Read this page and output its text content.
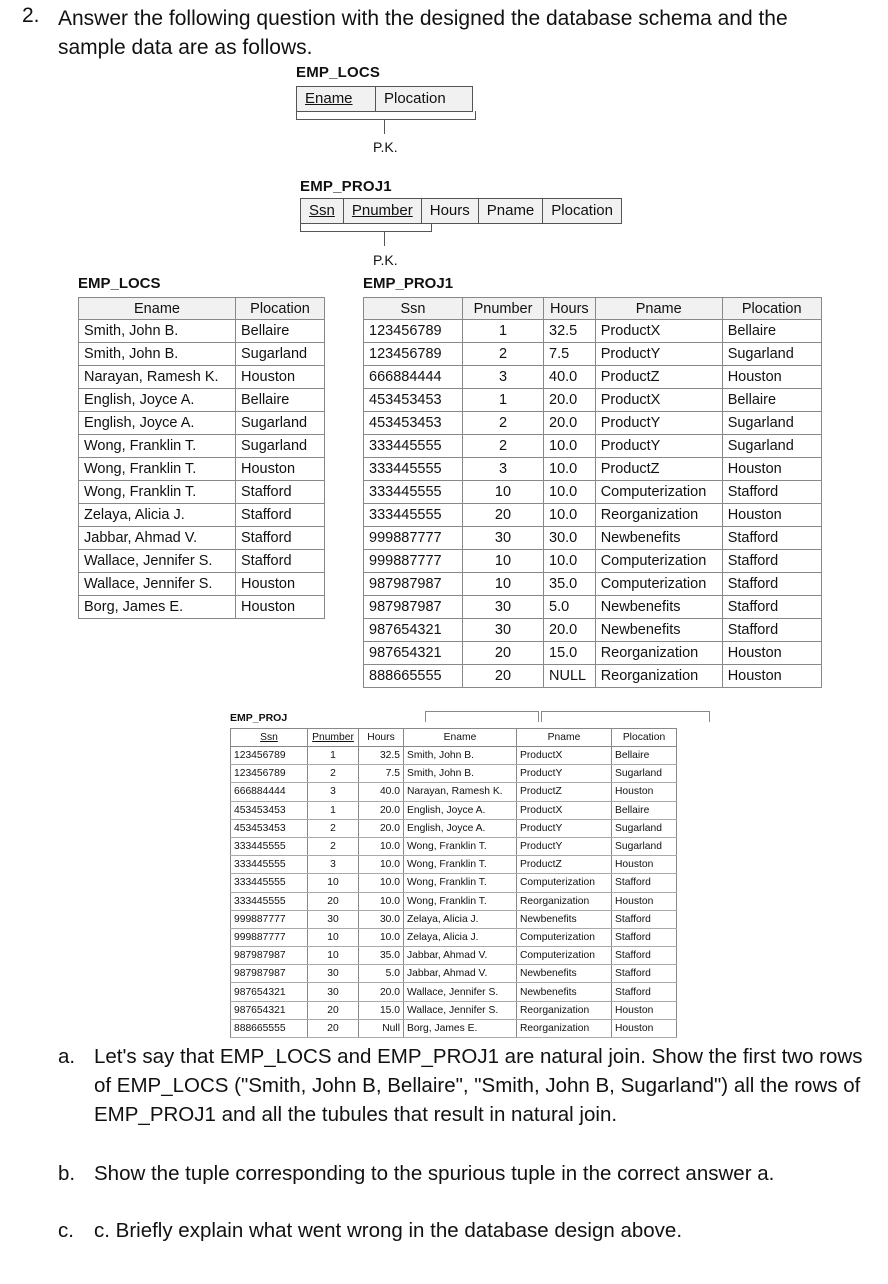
2. Answer the following question with the designed the database schema and the sample data are as follows.
EMP_LOCS
Ename	Plocation
P.K.
EMP_PROJ1
Ssn	Pnumber	Hours	Pname	Plocation
P.K.
EMP_LOCS
Ename	Plocation
Smith, John B.	Bellaire
Smith, John B.	Sugarland
Narayan, Ramesh K.	Houston
English, Joyce A.	Bellaire
English, Joyce A.	Sugarland
Wong, Franklin T.	Sugarland
Wong, Franklin T.	Houston
Wong, Franklin T.	Stafford
Zelaya, Alicia J.	Stafford
Jabbar, Ahmad V.	Stafford
Wallace, Jennifer S.	Stafford
Wallace, Jennifer S.	Houston
Borg, James E.	Houston
EMP_PROJ1
Ssn	Pnumber	Hours	Pname	Plocation
123456789	1	32.5	ProductX	Bellaire
123456789	2	7.5	ProductY	Sugarland
666884444	3	40.0	ProductZ	Houston
453453453	1	20.0	ProductX	Bellaire
453453453	2	20.0	ProductY	Sugarland
333445555	2	10.0	ProductY	Sugarland
333445555	3	10.0	ProductZ	Houston
333445555	10	10.0	Computerization	Stafford
333445555	20	10.0	Reorganization	Houston
999887777	30	30.0	Newbenefits	Stafford
999887777	10	10.0	Computerization	Stafford
987987987	10	35.0	Computerization	Stafford
987987987	30	5.0	Newbenefits	Stafford
987654321	30	20.0	Newbenefits	Stafford
987654321	20	15.0	Reorganization	Houston
888665555	20	NULL	Reorganization	Houston
EMP_PROJ
Ssn	Pnumber	Hours	Ename	Pname	Plocation
123456789	1	32.5	Smith, John B.	ProductX	Bellaire
123456789	2	7.5	Smith, John B.	ProductY	Sugarland
666884444	3	40.0	Narayan, Ramesh K.	ProductZ	Houston
453453453	1	20.0	English, Joyce A.	ProductX	Bellaire
453453453	2	20.0	English, Joyce A.	ProductY	Sugarland
333445555	2	10.0	Wong, Franklin T.	ProductY	Sugarland
333445555	3	10.0	Wong, Franklin T.	ProductZ	Houston
333445555	10	10.0	Wong, Franklin T.	Computerization	Stafford
333445555	20	10.0	Wong, Franklin T.	Reorganization	Houston
999887777	30	30.0	Zelaya, Alicia J.	Newbenefits	Stafford
999887777	10	10.0	Zelaya, Alicia J.	Computerization	Stafford
987987987	10	35.0	Jabbar, Ahmad V.	Computerization	Stafford
987987987	30	5.0	Jabbar, Ahmad V.	Newbenefits	Stafford
987654321	30	20.0	Wallace, Jennifer S.	Newbenefits	Stafford
987654321	20	15.0	Wallace, Jennifer S.	Reorganization	Houston
888665555	20	Null	Borg, James E.	Reorganization	Houston
a. Let's say that EMP_LOCS and EMP_PROJ1 are natural join. Show the first two rows of EMP_LOCS ("Smith, John B, Bellaire", "Smith, John B, Sugarland") all the rows of EMP_PROJ1 and all the tubules that result in natural join.
b. Show the tuple corresponding to the spurious tuple in the correct answer a.
c. c. Briefly explain what went wrong in the database design above.
